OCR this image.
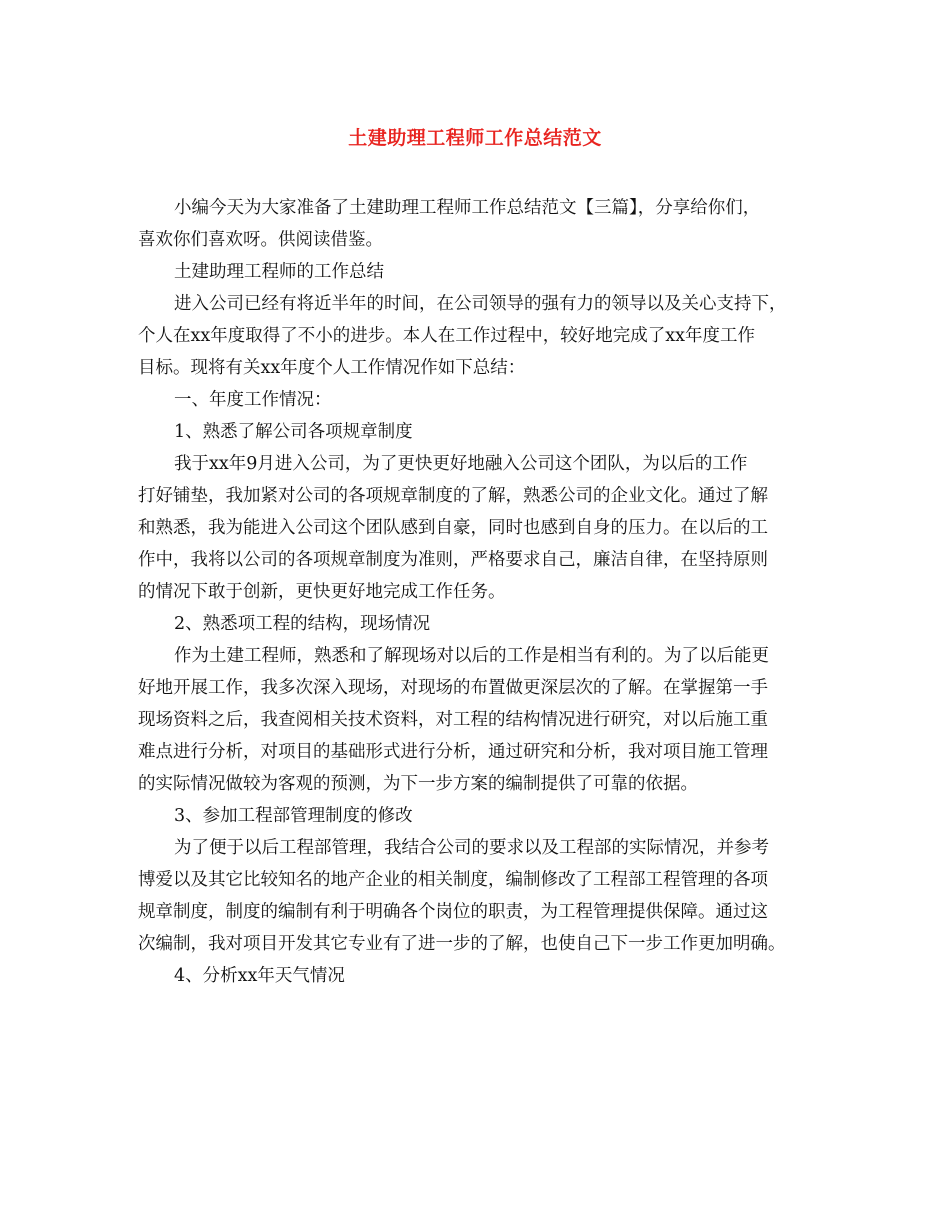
土建助理工程师工作总结范文

小编今天为大家准备了土建助理工程师工作总结范文【三篇】，分享给你们，
喜欢你们喜欢呀。供阅读借鉴。

土建助理工程师的工作总结

进入公司已经有将近半年的时间，在公司领导的强有力的领导以及关心支持下，
个人在xx年度取得了不小的进步。本人在工作过程中，较好地完成了xx年度工作
目标。现将有关xx年度个人工作情况作如下总结：

一、年度工作情况：

1、熟悉了解公司各项规章制度

我于xx年9月进入公司，为了更快更好地融入公司这个团队，为以后的工作
打好铺垫，我加紧对公司的各项规章制度的了解，熟悉公司的企业文化。通过了解
和熟悉，我为能进入公司这个团队感到自豪，同时也感到自身的压力。在以后的工
作中，我将以公司的各项规章制度为准则，严格要求自己，廉洁自律，在坚持原则
的情况下敢于创新，更快更好地完成工作任务。

2、熟悉项工程的结构，现场情况

作为土建工程师，熟悉和了解现场对以后的工作是相当有利的。为了以后能更
好地开展工作，我多次深入现场，对现场的布置做更深层次的了解。在掌握第一手
现场资料之后，我查阅相关技术资料，对工程的结构情况进行研究，对以后施工重
难点进行分析，对项目的基础形式进行分析，通过研究和分析，我对项目施工管理
的实际情况做较为客观的预测，为下一步方案的编制提供了可靠的依据。

3、参加工程部管理制度的修改

为了便于以后工程部管理，我结合公司的要求以及工程部的实际情况，并参考
博爱以及其它比较知名的地产企业的相关制度，编制修改了工程部工程管理的各项
规章制度，制度的编制有利于明确各个岗位的职责，为工程管理提供保障。通过这
次编制，我对项目开发其它专业有了进一步的了解，也使自己下一步工作更加明确。

4、分析xx年天气情况
